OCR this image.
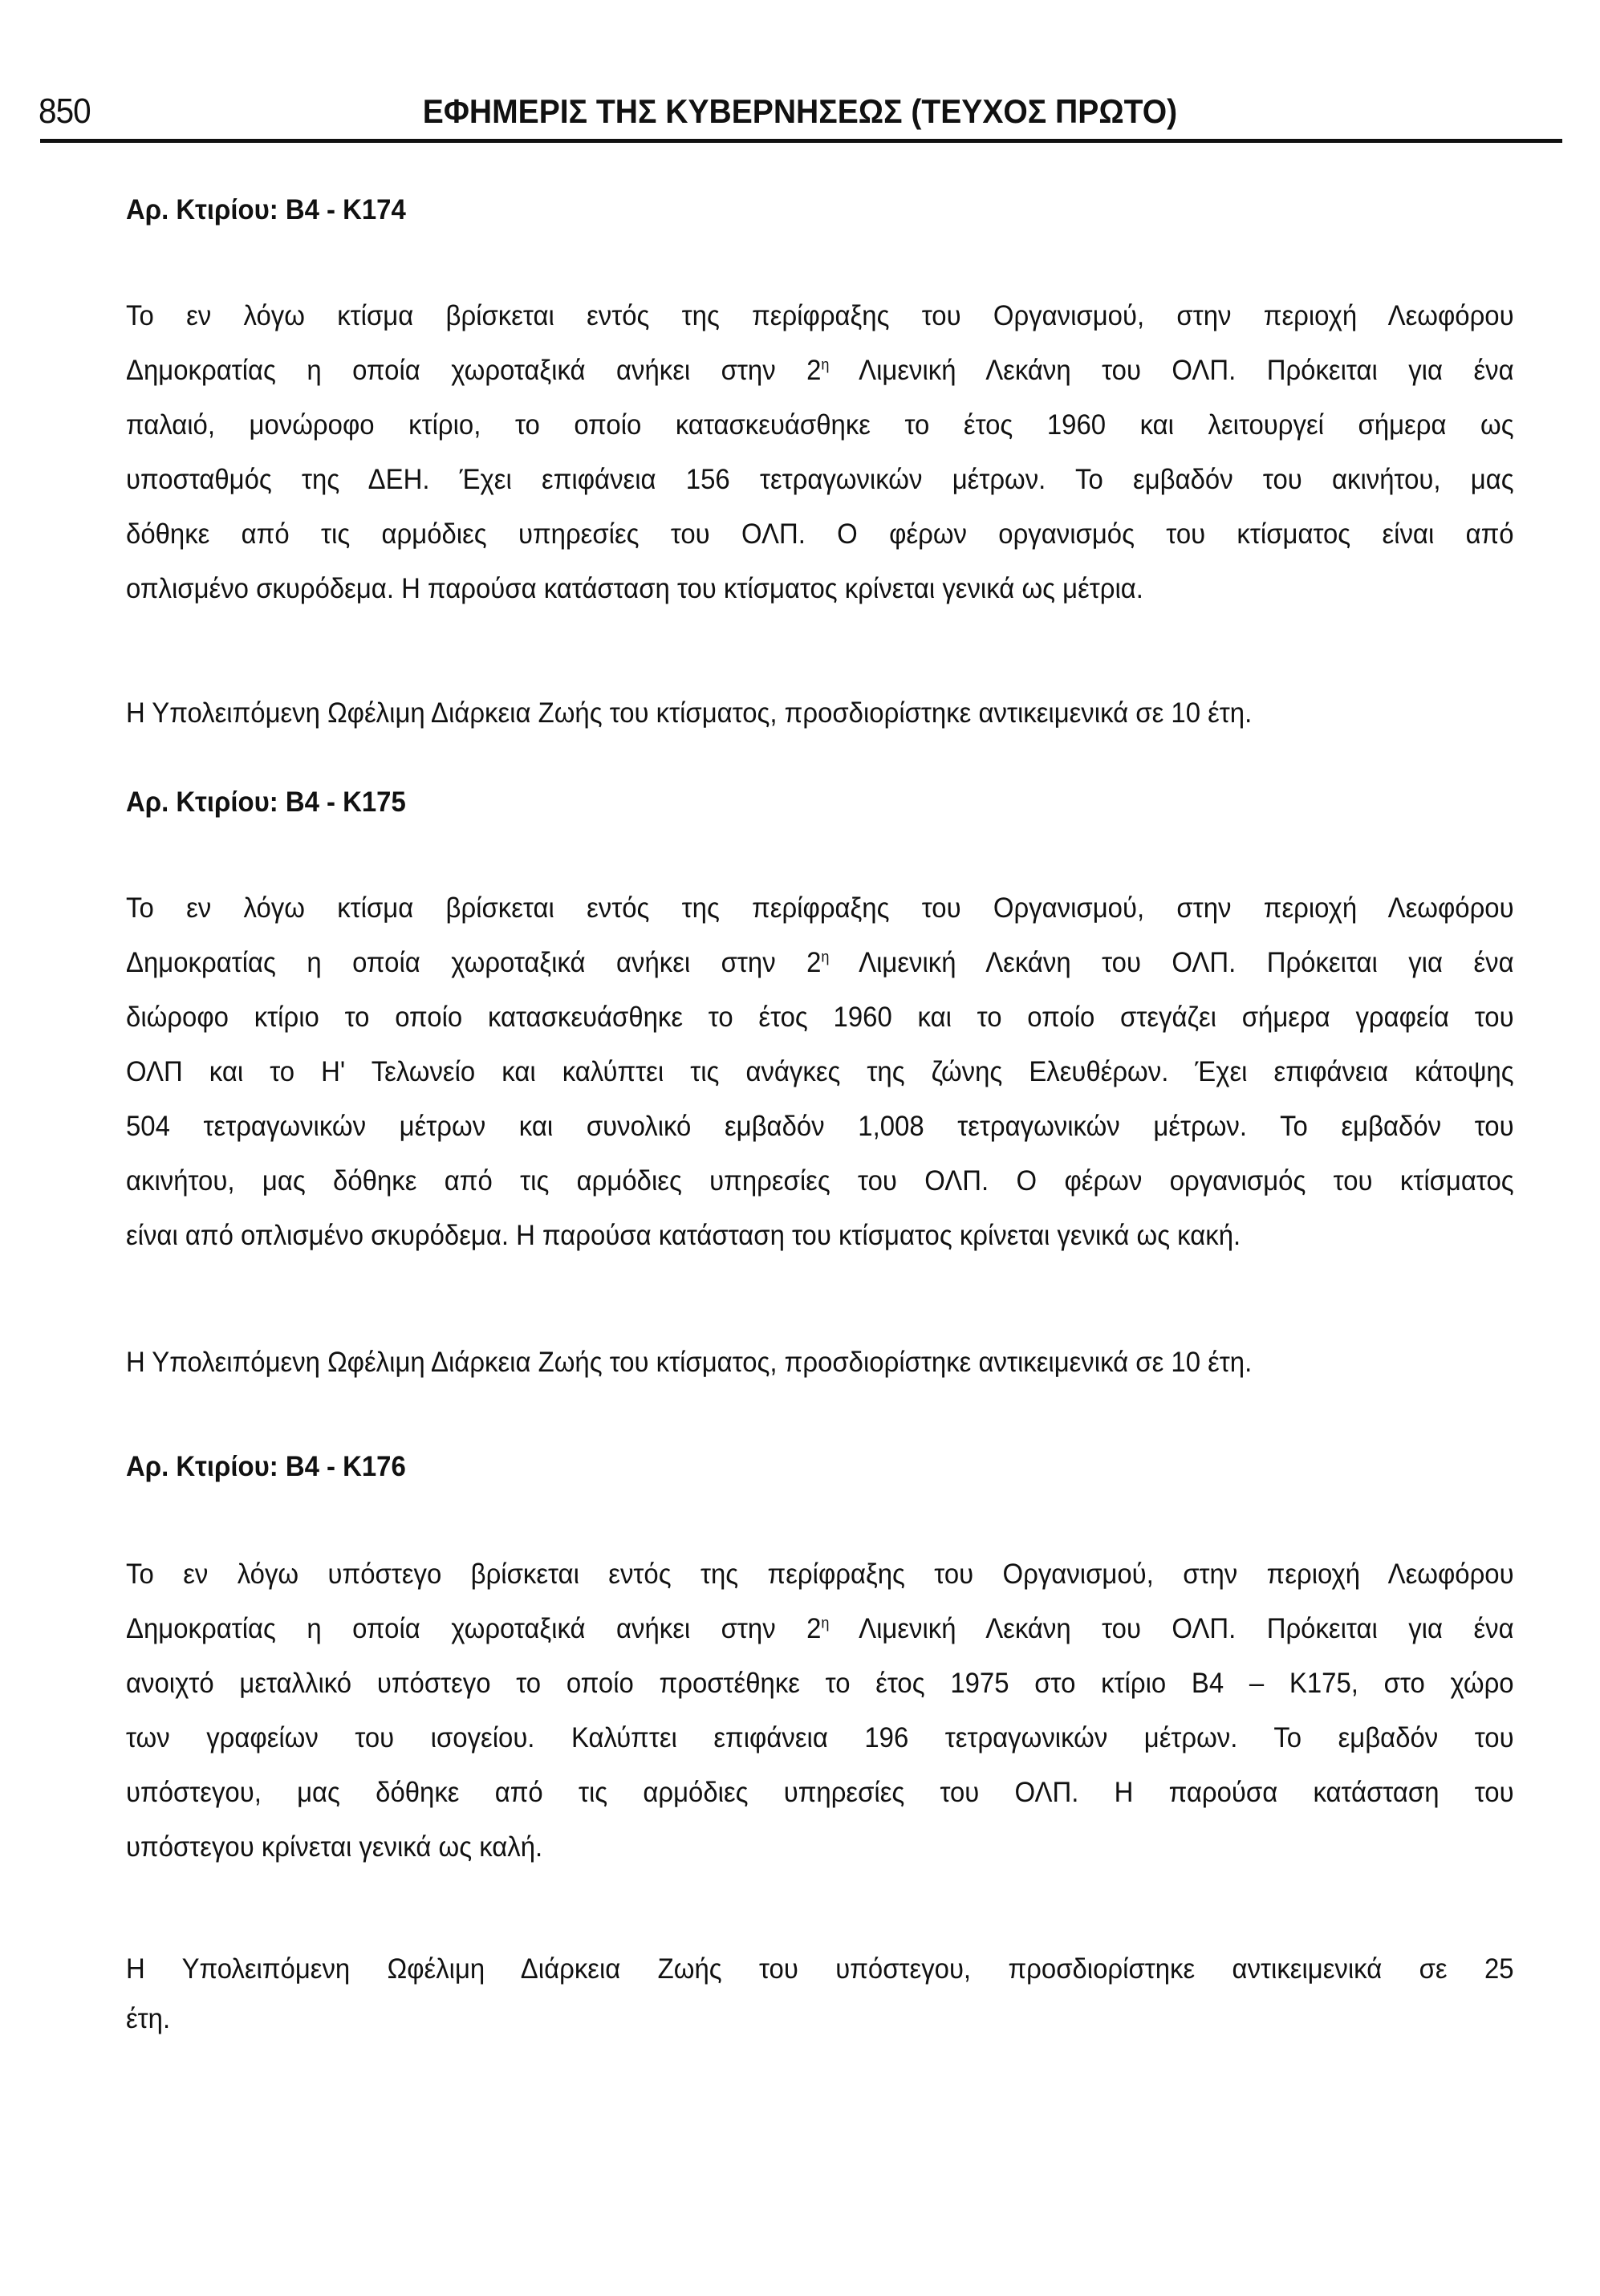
850	ΕΦΗΜΕΡΙΣ ΤΗΣ ΚΥΒΕΡΝΗΣΕΩΣ (ΤΕΥΧΟΣ ΠΡΩΤΟ)
Αρ. Κτιρίου: B4 - K174
Το εν λόγω κτίσμα βρίσκεται εντός της περίφραξης του Οργανισμού, στην περιοχή Λεωφόρου
Δημοκρατίας η οποία χωροταξικά ανήκει στην $2^\eta$ Λιμενική Λεκάνη του ΟΛΠ. Πρόκειται για ένα
παλαιό, μονώροφο κτίριο, το οποίο κατασκευάσθηκε το έτος 1960 και λειτουργεί σήμερα ως
υποσταθμός της ΔΕΗ. Έχει επιφάνεια 156 τετραγωνικών μέτρων. Το εμβαδόν του ακινήτου, μας
δόθηκε από τις αρμόδιες υπηρεσίες του ΟΛΠ. Ο φέρων οργανισμός του κτίσματος είναι από
οπλισμένο σκυρόδεμα. Η παρούσα κατάσταση του κτίσματος κρίνεται γενικά ως μέτρια.
Η Υπολειπόμενη Ωφέλιμη Διάρκεια Ζωής του κτίσματος, προσδιορίστηκε αντικειμενικά σε 10 έτη.
Αρ. Κτιρίου: B4 - K175
Το εν λόγω κτίσμα βρίσκεται εντός της περίφραξης του Οργανισμού, στην περιοχή Λεωφόρου
Δημοκρατίας η οποία χωροταξικά ανήκει στην $2^\eta$ Λιμενική Λεκάνη του ΟΛΠ. Πρόκειται για ένα
διώροφο κτίριο το οποίο κατασκευάσθηκε το έτος 1960 και το οποίο στεγάζει σήμερα γραφεία του
ΟΛΠ και το Η' Τελωνείο και καλύπτει τις ανάγκες της ζώνης Ελευθέρων. Έχει επιφάνεια κάτοψης
504 τετραγωνικών μέτρων και συνολικό εμβαδόν 1,008 τετραγωνικών μέτρων. Το εμβαδόν του
ακινήτου, μας δόθηκε από τις αρμόδιες υπηρεσίες του ΟΛΠ. Ο φέρων οργανισμός του κτίσματος
είναι από οπλισμένο σκυρόδεμα. Η παρούσα κατάσταση του κτίσματος κρίνεται γενικά ως κακή.
Η Υπολειπόμενη Ωφέλιμη Διάρκεια Ζωής του κτίσματος, προσδιορίστηκε αντικειμενικά σε 10 έτη.
Αρ. Κτιρίου: B4 - K176
Το εν λόγω υπόστεγο βρίσκεται εντός της περίφραξης του Οργανισμού, στην περιοχή Λεωφόρου
Δημοκρατίας η οποία χωροταξικά ανήκει στην $2^\eta$ Λιμενική Λεκάνη του ΟΛΠ. Πρόκειται για ένα
ανοιχτό μεταλλικό υπόστεγο το οποίο προστέθηκε το έτος 1975 στο κτίριο B4 – K175, στο χώρο
των γραφείων του ισογείου. Καλύπτει επιφάνεια 196 τετραγωνικών μέτρων. Το εμβαδόν του
υπόστεγου, μας δόθηκε από τις αρμόδιες υπηρεσίες του ΟΛΠ. Η παρούσα κατάσταση του
υπόστεγου κρίνεται γενικά ως καλή.
Η Υπολειπόμενη Ωφέλιμη Διάρκεια Ζωής του υπόστεγου, προσδιορίστηκε αντικειμενικά σε 25
έτη.
